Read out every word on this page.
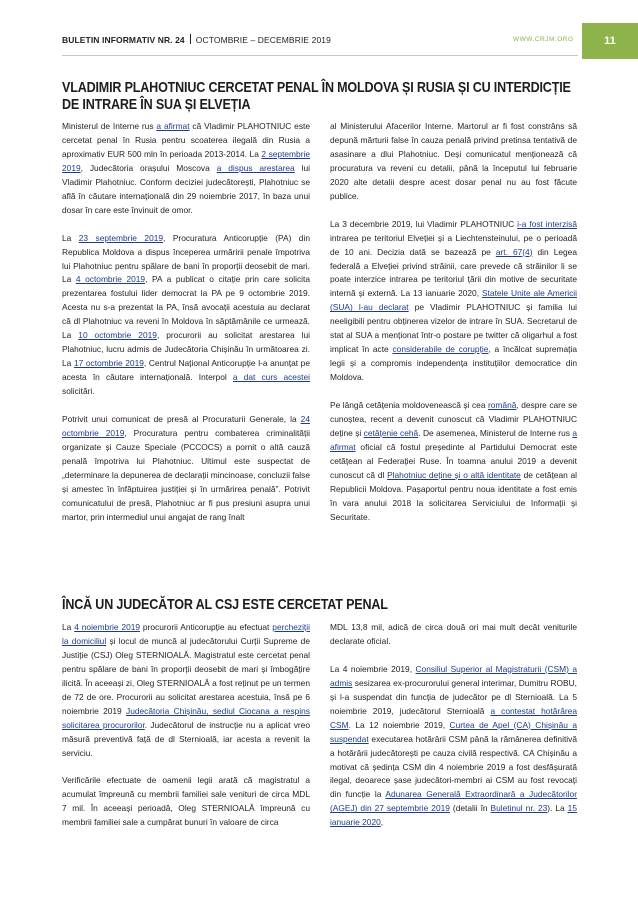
BULETIN INFORMATIV NR. 24 OCTOMBRIE – DECEMBRIE 2019	WWW.CRJM.ORG	11
VLADIMIR PLAHOTNIUC CERCETAT PENAL ÎN MOLDOVA ȘI RUSIA ȘI CU INTERDICȚIE DE INTRARE ÎN SUA ȘI ELVEȚIA

Ministerul de Interne rus a afirmat că Vladimir PLAHOTNIUC este cercetat penal în Rusia pentru scoaterea ilegală din Rusia a aproximativ EUR 500 mln în perioada 2013-2014. La 2 septembrie 2019, Judecătoria orașului Moscova a dispus arestarea lui Vladimir Plahotniuc. Conform deciziei judecătorești, Plahotniuc se află în căutare internațională din 29 noiembrie 2017, în baza unui dosar în care este învinuit de omor.

La 23 septembrie 2019, Procuratura Anticorupție (PA) din Republica Moldova a dispus începerea urmăririi penale împotriva lui Plahotniuc pentru spălare de bani în proporții deosebit de mari. La 4 octombrie 2019, PA a publicat o citație prin care solicita prezentarea fostului lider democrat la PA pe 9 octombrie 2019. Acesta nu s-a prezentat la PA, însă avocații acestuia au declarat că dl Plahotniuc va reveni în Moldova în săptămânile ce urmează. La 10 octombrie 2019, procurorii au solicitat arestarea lui Plahotniuc, lucru admis de Judecătoria Chișinău în următoarea zi. La 17 octombrie 2019, Centrul Național Anticorupție l-a anunțat pe acesta în căutare internațională. Interpol a dat curs acestei solicitări.

Potrivit unui comunicat de presă al Procuraturii Generale, la 24 octombrie 2019, Procuratura pentru combaterea criminalității organizate și Cauze Speciale (PCCOCS) a pornit o altă cauză penală împotriva lui Plahotniuc. Ultimul este suspectat de „determinare la depunerea de declarații mincinoase, concluzii false și amestec în înfăptuirea justiției și în urmărirea penală”. Potrivit comunicatului de presă, Plahotniuc ar fi pus presiuni asupra unui martor, prin intermediul unui angajat de rang înalt

al Ministerului Afacerilor Interne. Martorul ar fi fost constrâns să depună mărturii false în cauza penală privind pretinsa tentativă de asasinare a dlui Plahotniuc. Deși comunicatul menționează că procuratura va reveni cu detalii, până la începutul lui februarie 2020 alte detalii despre acest dosar penal nu au fost făcute publice.

La 3 decembrie 2019, lui Vladimir PLAHOTNIUC i-a fost interzisă intrarea pe teritoriul Elveției și a Liechtensteinului, pe o perioadă de 10 ani. Decizia dată se bazează pe art. 67(4) din Legea federală a Elveției privind străinii, care prevede că străinilor li se poate interzice intrarea pe teritoriul țării din motive de securitate internă și externă. La 13 ianuarie 2020, Statele Unite ale Americii (SUA) l-au declarat pe Vladimir PLAHOTNIUC și familia lui neeligibili pentru obținerea vizelor de intrare în SUA. Secretarul de stat al SUA a menționat într-o postare pe twitter că oligarhul a fost implicat în acte considerabile de corupție, a încălcat supremația legii și a compromis independența instituțiilor democratice din Moldova.

Pe lângă cetățenia moldovenească și cea română, despre care se cunoștea, recent a devenit cunoscut că Vladimir PLAHOTNIUC deține și cetățenie cehă. De asemenea, Ministerul de Interne rus a afirmat oficial că fostul președinte al Partidului Democrat este cetățean al Federației Ruse. În toamna anului 2019 a devenit cunoscut că dl Plahotniuc deține și o altă identitate de cetățean al Republicii Moldova. Pașaportul pentru noua identitate a fost emis în vara anului 2018 la solicitarea Serviciului de Informații și Securitate.

ÎNCĂ UN JUDECĂTOR AL CSJ ESTE CERCETAT PENAL

La 4 noiembrie 2019 procurorii Anticorupție au efectuat percheziții la domiciliul și locul de muncă al judecătorului Curții Supreme de Justiție (CSJ) Oleg STERNIOALĂ. Magistratul este cercetat penal pentru spălare de bani în proporții deosebit de mari și îmbogățire ilicită. În aceeași zi, Oleg STERNIOALĂ a fost reținut pe un termen de 72 de ore. Procurorii au solicitat arestarea acestuia, însă pe 6 noiembrie 2019 Judecătoria Chișinău, sediul Ciocana a respins solicitarea procurorilor. Judecătorul de instrucție nu a aplicat vreo măsură preventivă față de dl Sternioală, iar acesta a revenit la serviciu.

Verificările efectuate de oamenii legii arată că magistratul a acumulat împreună cu membrii familiei sale venituri de circa MDL 7 mil. În aceeași perioadă, Oleg STERNIOALĂ împreună cu membrii familiei sale a cumpărat bunuri în valoare de circa

MDL 13,8 mil, adică de circa două ori mai mult decât veniturile declarate oficial.

La 4 noiembrie 2019, Consiliul Superior al Magistraturii (CSM) a admis sesizarea ex-procurorului general interimar, Dumitru ROBU, și l-a suspendat din funcția de judecător pe dl Sternioală. La 5 noiembrie 2019, judecătorul Sternioală a contestat hotărârea CSM. La 12 noiembrie 2019, Curtea de Apel (CA) Chișinău a suspendat executarea hotărârii CSM până la rămânerea definitivă a hotărârii judecătorești pe cauza civilă respectivă. CA Chișinău a motivat că ședința CSM din 4 noiembrie 2019 a fost desfășurată ilegal, deoarece șase judecători-membri ai CSM au fost revocați din funcție la Adunarea Generală Extraordinară a Judecătorilor (AGEJ) din 27 septembrie 2019 (detalii în Buletinul nr. 23). La 15 ianuarie 2020,
